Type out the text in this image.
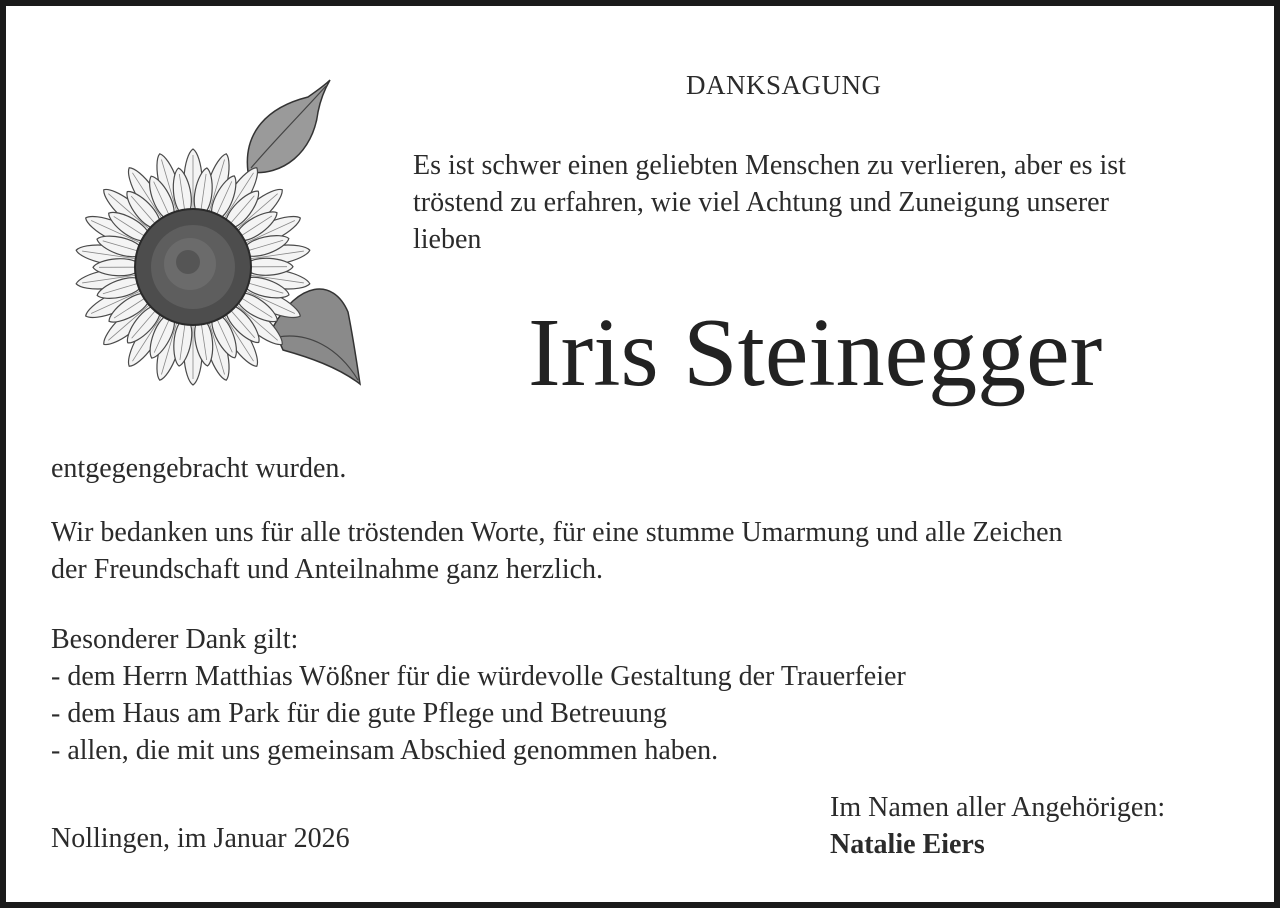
DANKSAGUNG
Es ist schwer einen geliebten Menschen zu verlieren, aber es ist
tröstend zu erfahren, wie viel Achtung und Zuneigung unserer
lieben
Iris Steinegger
entgegengebracht wurden.
Wir bedanken uns für alle tröstenden Worte, für eine stumme Umarmung und alle Zeichen
der Freundschaft und Anteilnahme ganz herzlich.
Besonderer Dank gilt:
- dem Herrn Matthias Wößner für die würdevolle Gestaltung der Trauerfeier
- dem Haus am Park für die gute Pflege und Betreuung
- allen, die mit uns gemeinsam Abschied genommen haben.
Nollingen, im Januar 2026
Im Namen aller Angehörigen:
Natalie Eiers
